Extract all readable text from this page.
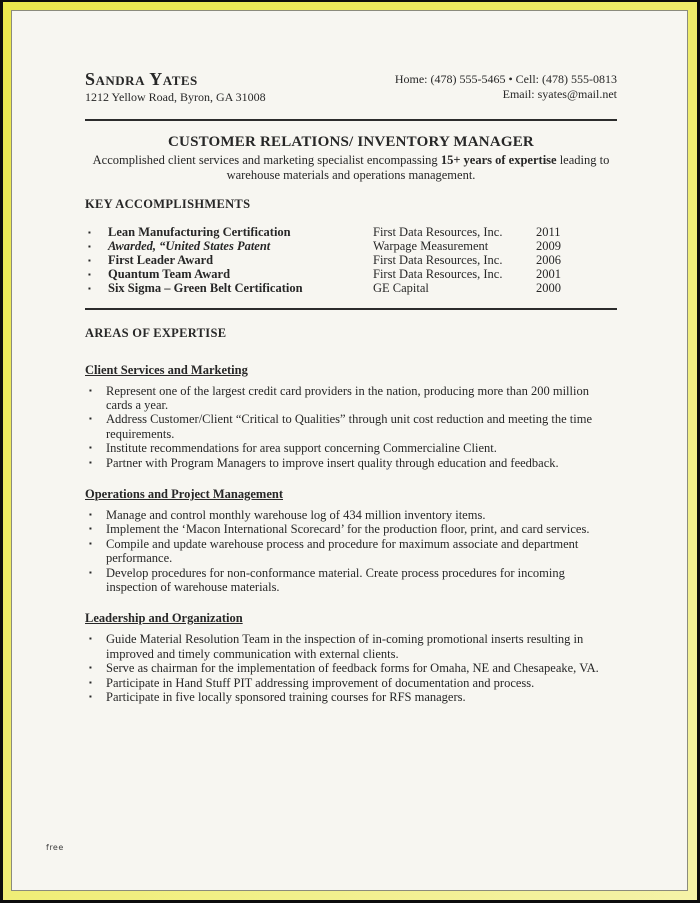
Sandra Yates
1212 Yellow Road, Byron, GA 31008
Home: (478) 555-5465 • Cell: (478) 555-0813
Email: syates@mail.net
CUSTOMER RELATIONS/ INVENTORY MANAGER
Accomplished client services and marketing specialist encompassing 15+ years of expertise leading to warehouse materials and operations management.
KEY ACCOMPLISHMENTS
▪	Lean Manufacturing Certification	First Data Resources, Inc.	2011
▪	Awarded, “United States Patent	Warpage Measurement	2009
▪	First Leader Award	First Data Resources, Inc.	2006
▪	Quantum Team Award	First Data Resources, Inc.	2001
▪	Six Sigma – Green Belt Certification	GE Capital	2000
AREAS OF EXPERTISE
Client Services and Marketing
▪ Represent one of the largest credit card providers in the nation, producing more than 200 million cards a year.
▪ Address Customer/Client “Critical to Qualities” through unit cost reduction and meeting the time requirements.
▪ Institute recommendations for area support concerning Commercialine Client.
▪ Partner with Program Managers to improve insert quality through education and feedback.
Operations and Project Management
▪ Manage and control monthly warehouse log of 434 million inventory items.
▪ Implement the ‘Macon International Scorecard’ for the production floor, print, and card services.
▪ Compile and update warehouse process and procedure for maximum associate and department performance.
▪ Develop procedures for non-conformance material. Create process procedures for incoming inspection of warehouse materials.
Leadership and Organization
▪ Guide Material Resolution Team in the inspection of in-coming promotional inserts resulting in improved and timely communication with external clients.
▪ Serve as chairman for the implementation of feedback forms for Omaha, NE and Chesapeake, VA.
▪ Participate in Hand Stuff PIT addressing improvement of documentation and process.
▪ Participate in five locally sponsored training courses for RFS managers.
free
